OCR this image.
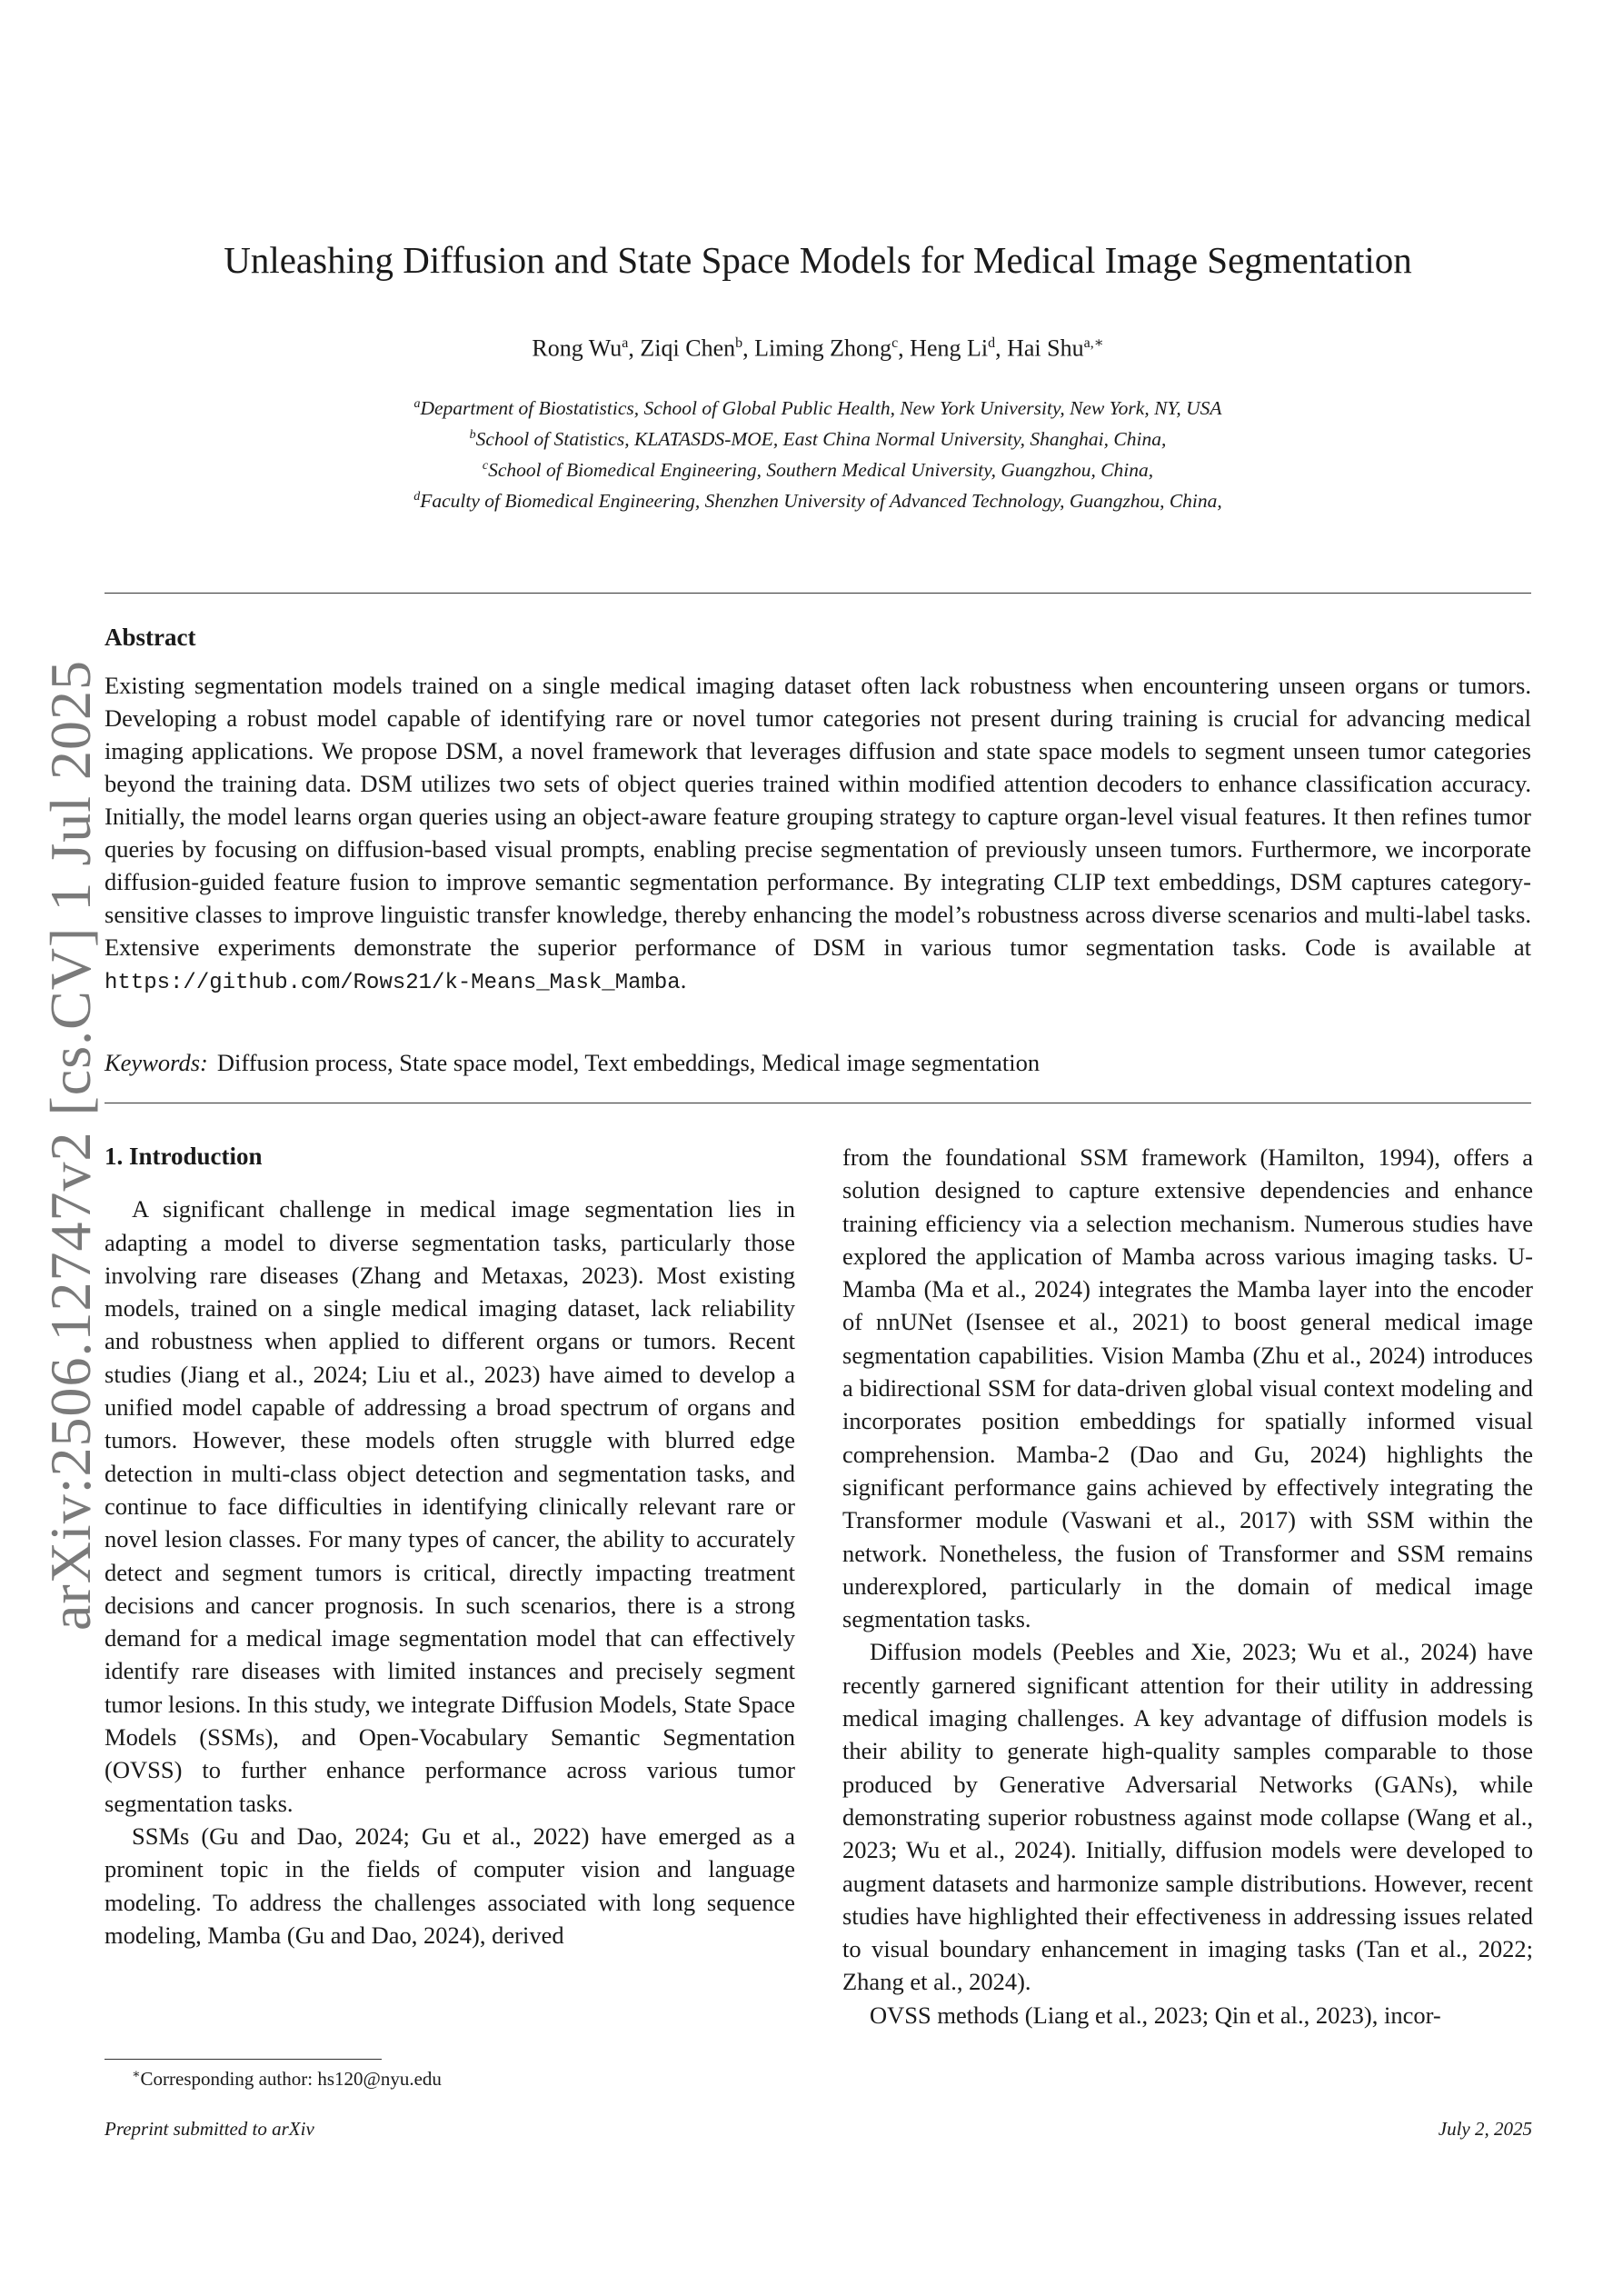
arXiv:2506.12747v2 [cs.CV] 1 Jul 2025
Unleashing Diffusion and State Space Models for Medical Image Segmentation
Rong Wu$^a$, Ziqi Chen$^b$, Liming Zhong$^c$, Heng Li$^d$, Hai Shu$^{a,∗}$
$^a$Department of Biostatistics, School of Global Public Health, New York University, New York, NY, USA
$^b$School of Statistics, KLATASDS-MOE, East China Normal University, Shanghai, China,
$^c$School of Biomedical Engineering, Southern Medical University, Guangzhou, China,
$^d$Faculty of Biomedical Engineering, Shenzhen University of Advanced Technology, Guangzhou, China,
Abstract
Existing segmentation models trained on a single medical imaging dataset often lack robustness when encountering unseen organs or tumors. Developing a robust model capable of identifying rare or novel tumor categories not present during training is crucial for advancing medical imaging applications. We propose DSM, a novel framework that leverages diffusion and state space models to segment unseen tumor categories beyond the training data. DSM utilizes two sets of object queries trained within modified attention decoders to enhance classification accuracy. Initially, the model learns organ queries using an object-aware feature grouping strategy to capture organ-level visual features. It then refines tumor queries by focusing on diffusion-based visual prompts, enabling precise segmentation of previously unseen tumors. Furthermore, we incorporate diffusion-guided feature fusion to improve semantic segmentation performance. By integrating CLIP text embeddings, DSM captures category-sensitive classes to improve linguistic transfer knowledge, thereby enhancing the model’s robustness across diverse scenarios and multi-label tasks. Extensive experiments demonstrate the superior performance of DSM in various tumor segmentation tasks. Code is available at https://github.com/Rows21/k-Means_Mask_Mamba.
Keywords: Diffusion process, State space model, Text embeddings, Medical image segmentation
1. Introduction

A significant challenge in medical image segmentation lies in adapting a model to diverse segmentation tasks, particularly those involving rare diseases (Zhang and Metaxas, 2023). Most existing models, trained on a single medical imaging dataset, lack reliability and robustness when applied to different organs or tumors. Recent studies (Jiang et al., 2024; Liu et al., 2023) have aimed to develop a unified model capable of addressing a broad spectrum of organs and tumors. However, these models often struggle with blurred edge detection in multi-class object detection and segmentation tasks, and continue to face difficulties in identifying clinically relevant rare or novel lesion classes. For many types of cancer, the ability to accurately detect and segment tumors is critical, directly impacting treatment decisions and cancer prognosis. In such scenarios, there is a strong demand for a medical image segmentation model that can effectively identify rare diseases with limited instances and precisely segment tumor lesions. In this study, we integrate Diffusion Models, State Space Models (SSMs), and Open-Vocabulary Semantic Segmentation (OVSS) to further enhance performance across various tumor segmentation tasks.

SSMs (Gu and Dao, 2024; Gu et al., 2022) have emerged as a prominent topic in the fields of computer vision and language modeling. To address the challenges associated with long sequence modeling, Mamba (Gu and Dao, 2024), derived

from the foundational SSM framework (Hamilton, 1994), offers a solution designed to capture extensive dependencies and enhance training efficiency via a selection mechanism. Numerous studies have explored the application of Mamba across various imaging tasks. U-Mamba (Ma et al., 2024) integrates the Mamba layer into the encoder of nnUNet (Isensee et al., 2021) to boost general medical image segmentation capabilities. Vision Mamba (Zhu et al., 2024) introduces a bidirectional SSM for data-driven global visual context modeling and incorporates position embeddings for spatially informed visual comprehension. Mamba-2 (Dao and Gu, 2024) highlights the significant performance gains achieved by effectively integrating the Transformer module (Vaswani et al., 2017) with SSM within the network. Nonetheless, the fusion of Transformer and SSM remains underexplored, particularly in the domain of medical image segmentation tasks.

Diffusion models (Peebles and Xie, 2023; Wu et al., 2024) have recently garnered significant attention for their utility in addressing medical imaging challenges. A key advantage of diffusion models is their ability to generate high-quality samples comparable to those produced by Generative Adversarial Networks (GANs), while demonstrating superior robustness against mode collapse (Wang et al., 2023; Wu et al., 2024). Initially, diffusion models were developed to augment datasets and harmonize sample distributions. However, recent studies have highlighted their effectiveness in addressing issues related to visual boundary enhancement in imaging tasks (Tan et al., 2022; Zhang et al., 2024).

OVSS methods (Liang et al., 2023; Qin et al., 2023), incor-

∗Corresponding author: hs120@nyu.edu
Preprint submitted to arXiv	July 2, 2025
